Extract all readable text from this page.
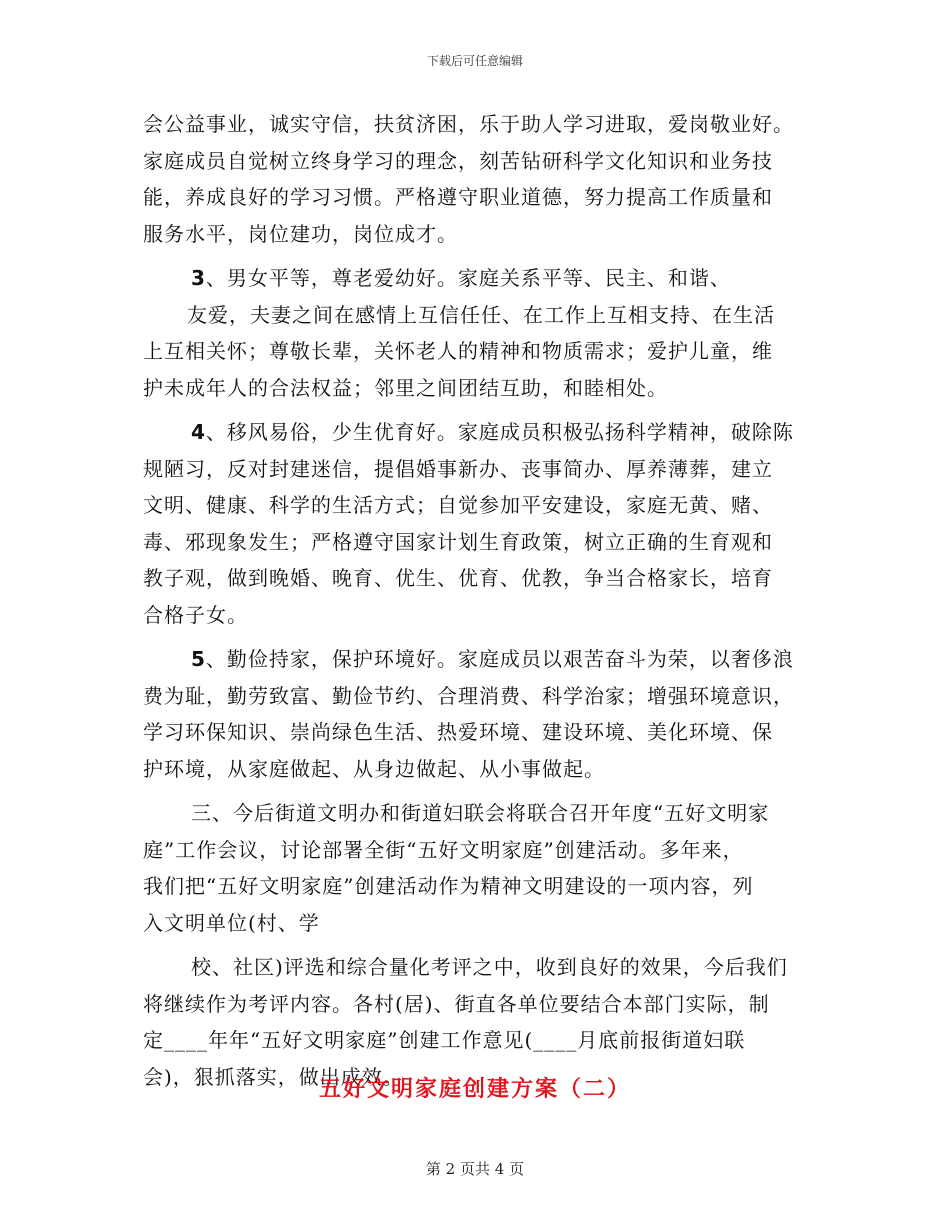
下载后可任意编辑
会公益事业，诚实守信，扶贫济困，乐于助人学习进取，爱岗敬业好。
家庭成员自觉树立终身学习的理念，刻苦钻研科学文化知识和业务技
能，养成良好的学习习惯。严格遵守职业道德，努力提高工作质量和
服务水平，岗位建功，岗位成才。
3、男女平等，尊老爱幼好。家庭关系平等、民主、和谐、
友爱，夫妻之间在感情上互信任任、在工作上互相支持、在生活
上互相关怀；尊敬长辈，关怀老人的精神和物质需求；爱护儿童，维
护未成年人的合法权益；邻里之间团结互助，和睦相处。
4、移风易俗，少生优育好。家庭成员积极弘扬科学精神，破除陈
规陋习，反对封建迷信，提倡婚事新办、丧事简办、厚养薄葬，建立
文明、健康、科学的生活方式；自觉参加平安建设，家庭无黄、赌、
毒、邪现象发生；严格遵守国家计划生育政策，树立正确的生育观和
教子观，做到晚婚、晚育、优生、优育、优教，争当合格家长，培育
合格子女。
5、勤俭持家，保护环境好。家庭成员以艰苦奋斗为荣，以奢侈浪
费为耻，勤劳致富、勤俭节约、合理消费、科学治家；增强环境意识，
学习环保知识、崇尚绿色生活、热爱环境、建设环境、美化环境、保
护环境，从家庭做起、从身边做起、从小事做起。
三、今后街道文明办和街道妇联会将联合召开年度“五好文明家
庭”工作会议，讨论部署全街“五好文明家庭”创建活动。多年来，
我们把“五好文明家庭”创建活动作为精神文明建设的一项内容，列
入文明单位(村、学
校、社区)评选和综合量化考评之中，收到良好的效果，今后我们
将继续作为考评内容。各村(居)、街直各单位要结合本部门实际，制
定____年年“五好文明家庭”创建工作意见(____月底前报街道妇联
会)，狠抓落实，做出成效。
五好文明家庭创建方案（二）
第 2 页共 4 页
